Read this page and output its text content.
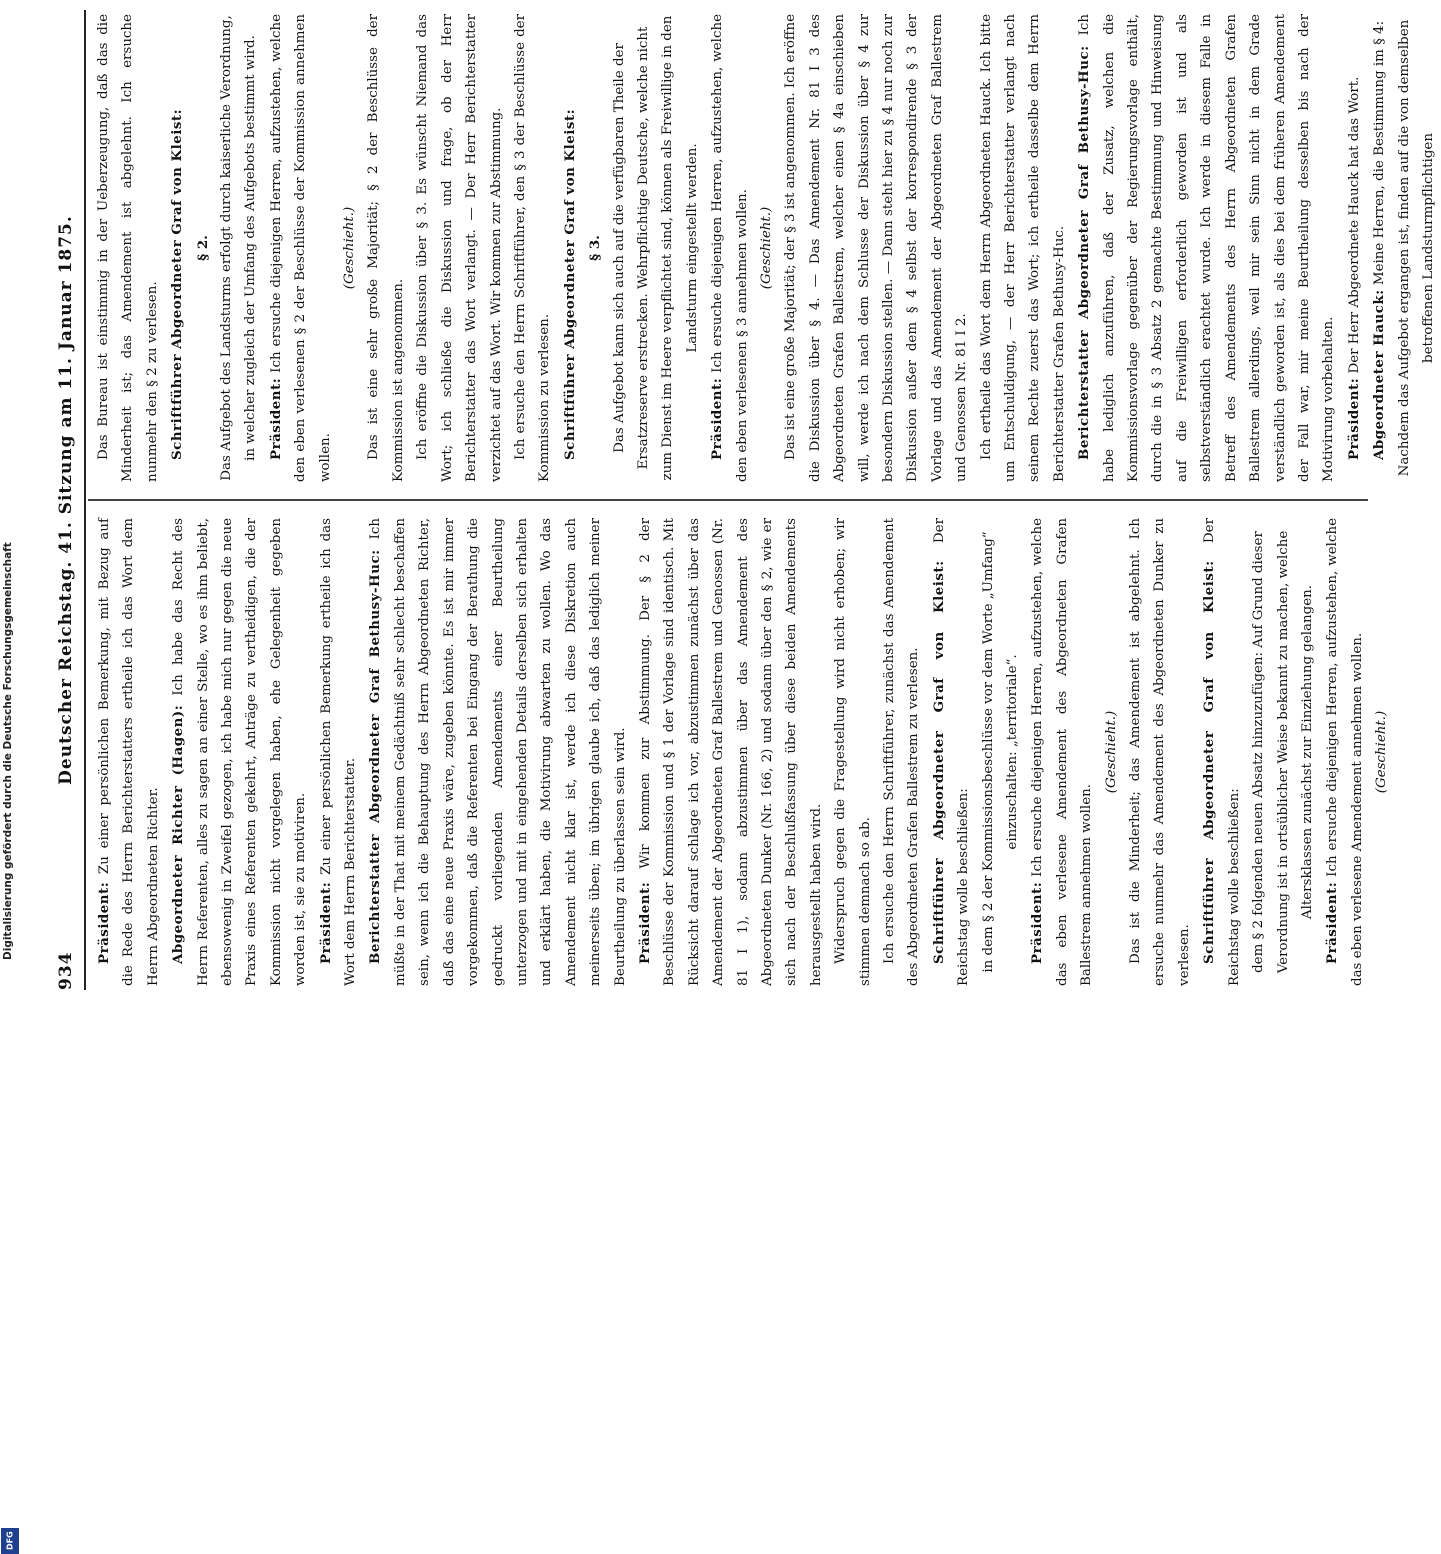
934
Deutscher Reichstag. 41. Sitzung am 11. Januar 1875.

Präsident: Zu einer persönlichen Bemerkung, mit Bezug auf die Rede des Herrn Berichterstatters ertheile ich das Wort dem Herrn Abgeordneten Richter. Abgeordneter Richter (Hagen): Ich habe das Recht des Herrn Referenten, alles zu sagen an einer Stelle, wo es ihm beliebt, ebensowenig in Zweifel gezogen, ich habe mich nur gegen die neue Praxis eines Referenten gekehrt, Anträge zu vertheidigen, die der Kommission nicht vorgelegen haben, ehe Gelegenheit gegeben worden ist, sie zu motiviren. Präsident: Zu einer persönlichen Bemerkung ertheile ich das Wort dem Herrn Berichterstatter. Berichterstatter Abgeordneter Graf Bethusy-Huc: Ich müßte in der That mit meinem Gedächtniß sehr schlecht beschaffen sein, wenn ich die Behauptung des Herrn Abgeordneten Richter, daß das eine neue Praxis wäre, zugeben könnte. Es ist mir immer vorgekommen, daß die Referenten bei Eingang der Berathung die gedruckt vorliegenden Amendements einer Beurtheilung unterzogen und mit in eingehenden Details derselben sich erhalten und erklärt haben, die Motivirung abwarten zu wollen. Wo das Amendement nicht klar ist, werde ich diese Diskretion auch meinerseits üben; im übrigen glaube ich, daß das lediglich meiner Beurtheilung zu überlassen sein wird. Präsident: Wir kommen zur Abstimmung. Der § 2 der Beschlüsse der Kommission und § 1 der Vorlage sind identisch. Mit Rücksicht darauf schlage ich vor, abzustimmen zunächst über das Amendement der Abgeordneten Graf Ballestrem und Genossen (Nr. 81 I 1), sodann abzustimmen über das Amendement des Abgeordneten Dunker (Nr. 166, 2) und sodann über den § 2, wie er sich nach der Beschlußfassung über diese beiden Amendements herausgestellt haben wird. Widerspruch gegen die Fragestellung wird nicht erhoben; wir stimmen demnach so ab. Ich ersuche den Herrn Schriftführer, zunächst das Amendement des Abgeordneten Grafen Ballestrem zu verlesen. Schriftführer Abgeordneter Graf von Kleist: Der Reichstag wolle beschließen: in dem § 2 der Kommissionsbeschlüsse vor dem Worte „Umfang“ einzuschalten: „territoriale“.

Präsident: Ich ersuche diejenigen Herren, aufzustehen, welche das eben verlesene Amendement des Abgeordneten Grafen Ballestrem annehmen wollen.

(Geschieht.) Das ist die Minderheit; das Amendement ist abgelehnt. Ich ersuche nunmehr das Amendement des Abgeordneten Dunker zu verlesen. Schriftführer Abgeordneter Graf von Kleist: Der Reichstag wolle beschließen: dem § 2 folgenden neuen Absatz hinzuzufügen: Auf Grund dieser Verordnung ist in ortsüblicher Weise bekannt zu machen, welche Altersklassen zunächst zur Einziehung gelangen.

Präsident: Ich ersuche diejenigen Herren, aufzustehen, welche das eben verlesene Amendement annehmen wollen. (Geschieht.)

Das Bureau ist einstimmig in der Ueberzeugung, daß das die Minderheit ist; das Amendement ist abgelehnt. Ich ersuche nunmehr den § 2 zu verlesen. Schriftführer Abgeordneter Graf von Kleist: § 2. Das Aufgebot des Landsturms erfolgt durch kaiserliche Verordnung, in welcher zugleich der Umfang des Aufgebots bestimmt wird. Präsident: Ich ersuche diejenigen Herren, aufzustehen, welche den eben verlesenen § 2 der Beschlüsse der Kommission annehmen wollen.

(Geschieht.) Das ist eine sehr große Majorität; § 2 der Beschlüsse der Kommission ist angenommen. Ich eröffne die Diskussion über § 3. Es wünscht Niemand das Wort; ich schließe die Diskussion und frage, ob der Herr Berichterstatter das Wort verlangt. — Der Herr Berichterstatter verzichtet auf das Wort. Wir kommen zur Abstimmung. Ich ersuche den Herrn Schriftführer, den § 3 der Beschlüsse der Kommission zu verlesen. Schriftführer Abgeordneter Graf von Kleist: § 3. Das Aufgebot kann sich auch auf die verfügbaren Theile der Ersatzreserve erstrecken. Wehrpflichtige Deutsche, welche nicht zum Dienst im Heere verpflichtet sind, können als Freiwillige in den Landsturm eingestellt werden.

Präsident: Ich ersuche diejenigen Herren, aufzustehen, welche den eben verlesenen § 3 annehmen wollen. (Geschieht.) Das ist eine große Majorität; der § 3 ist angenommen. Ich eröffne die Diskussion über § 4. — Das Amendement Nr. 81 I 3 des Abgeordneten Grafen Ballestrem, welcher einen § 4a einschieben will, werde ich nach dem Schlusse der Diskussion über § 4 zur besondern Diskussion stellen. — Dann steht hier zu § 4 nur noch zur Diskussion außer dem § 4 selbst der korrespondirende § 3 der Vorlage und das Amendement der Abgeordneten Graf Ballestrem und Genossen Nr. 81 I 2. Ich ertheile das Wort dem Herrn Abgeordneten Hauck. Ich bitte um Entschuldigung, — der Herr Berichterstatter verlangt nach seinem Rechte zuerst das Wort; ich ertheile dasselbe dem Herrn Berichterstatter Grafen Bethusy-Huc. Berichterstatter Abgeordneter Graf Bethusy-Huc: Ich habe lediglich anzuführen, daß der Zusatz, welchen die Kommissionsvorlage gegenüber der Regierungsvorlage enthält, durch die in § 3 Absatz 2 gemachte Bestimmung und Hinweisung auf die Freiwilligen erforderlich geworden ist und als selbstverständlich erachtet wurde. Ich werde in diesem Falle in Betreff des Amendements des Herrn Abgeordneten Grafen Ballestrem allerdings, weil mir sein Sinn nicht in dem Grade verständlich geworden ist, als dies bei dem früheren Amendement der Fall war, mir meine Beurtheilung desselben bis nach der Motivirung vorbehalten. Präsident: Der Herr Abgeordnete Hauck hat das Wort.

Abgeordneter Hauck: Meine Herren, die Bestimmung im § 4: Nachdem das Aufgebot ergangen ist, finden auf die von demselben betroffenen Landsturmpflichtigen

Digitalisierung gefördert durch die Deutsche Forschungsgemeinschaft
DFG
